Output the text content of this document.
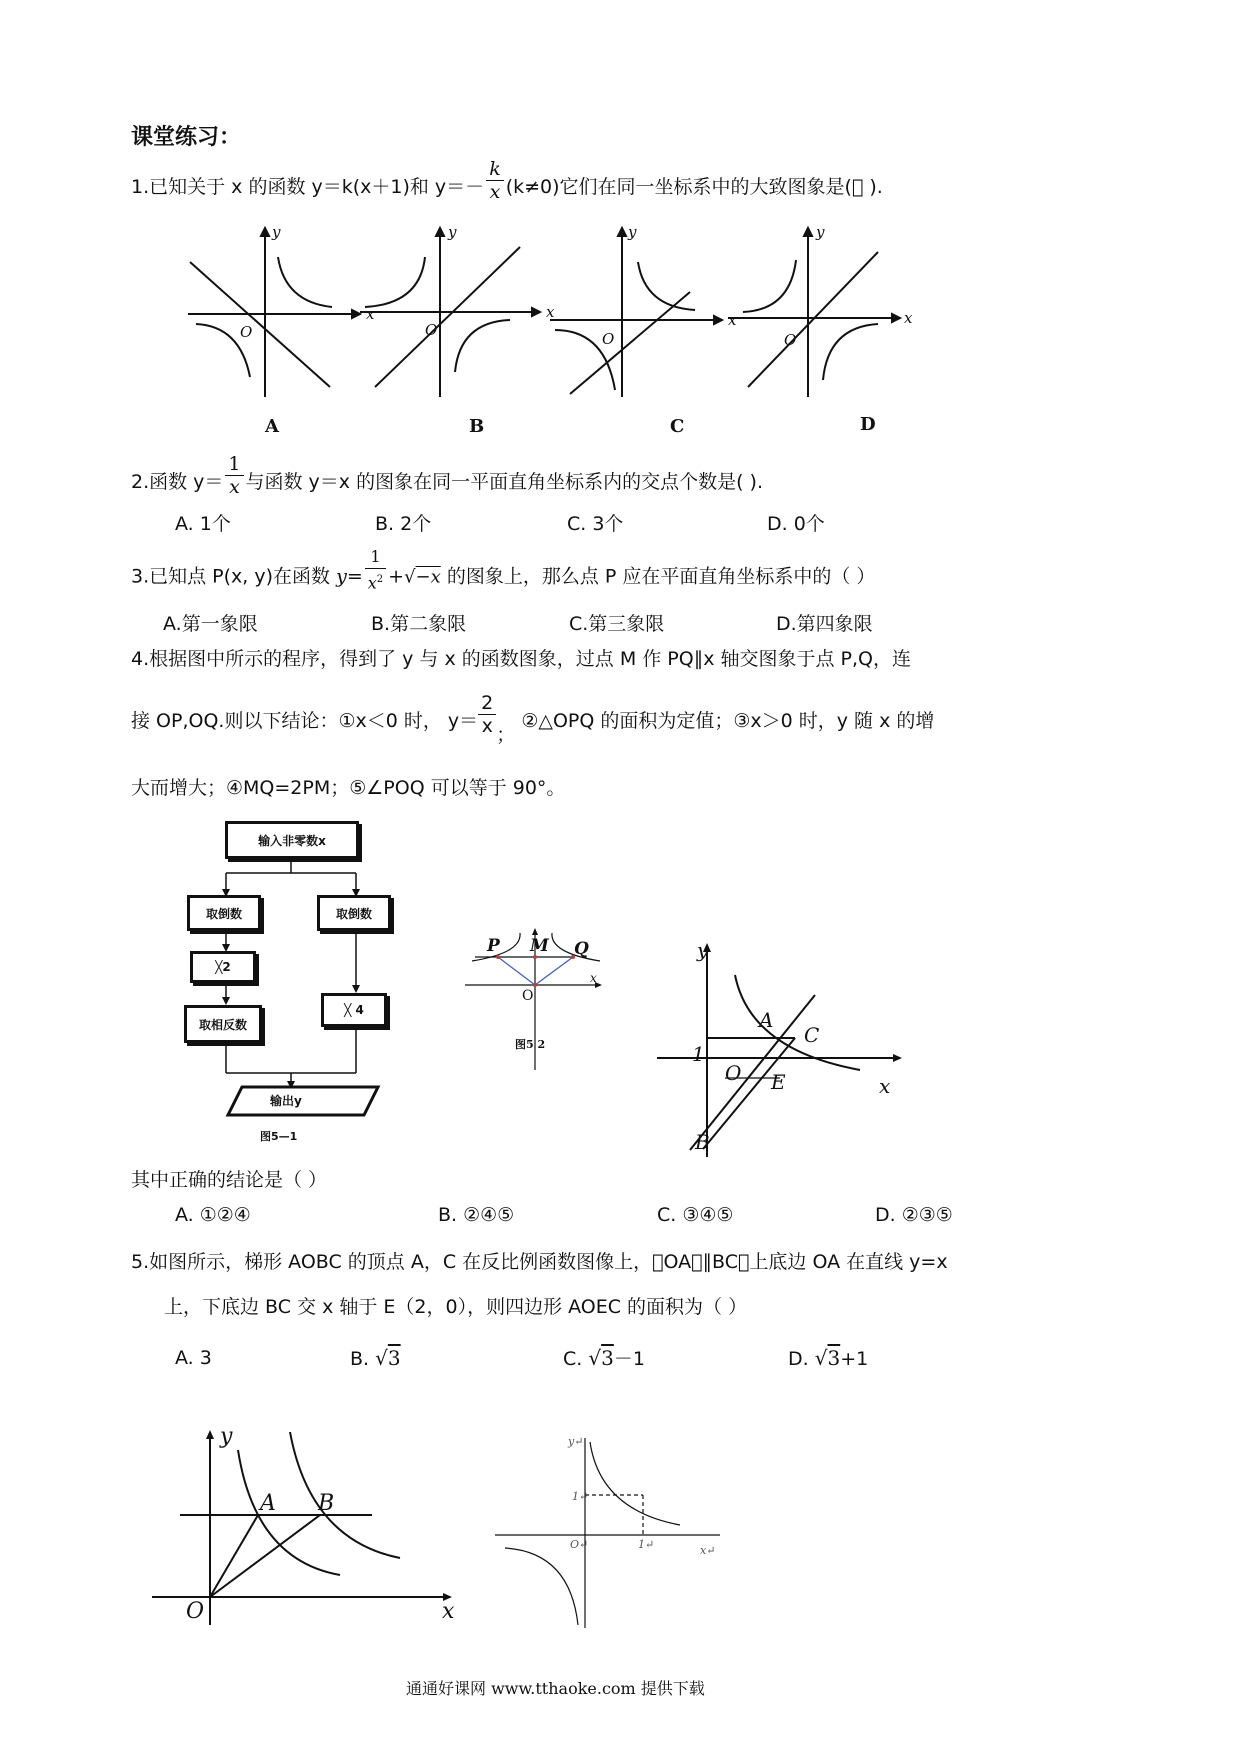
课堂练习：
1.已知关于 x 的函数 y＝k(x＋1)和 $y=- \frac{k}{x} (k\ne 0)$它们在同一坐标系中的大致图象是(  ).
y
x
O
y
x
O
y
x
O
y
x
O
A	B	C	D
2.函数 $y= \frac{1}{x}$ 与函数 y＝x 的图象在同一平面直角坐标系内的交点个数是( ).
A. 1个	B. 2个	C. 3个	D. 0个
3.已知点 P(x, y)在函数 $y= \frac{1}{x^2} +√-x$ 的图象上，那么点 P 应在平面直角坐标系中的（ ）
A.第一象限	B.第二象限	C.第三象限	D.第四象限
4.根据图中所示的程序，得到了 y 与 x 的函数图象，过点 M 作 PQ∥x 轴交图象于点 P,Q，连
接 OP,OQ.则以下结论：①x＜0 时， $y= \frac{2}{x}$ ； ②△OPQ 的面积为定值；③x＞0 时，y 随 x 的增
大而增大；④MQ=2PM；⑤∠POQ 可以等于 90°。
输入非零数x
取倒数	取倒数
╳2
╳ 4
取相反数
输出y
图5—1
P M Q
O
x
图5 2
y
x
A
C
1
O E
B
其中正确的结论是（ ）
A. ①②④	B. ②④⑤	C. ③④⑤	D. ②③⑤
5.如图所示，梯形 AOBC 的顶点 A，C 在反比例函数图像上， OA ∥BC，上底边 OA 在直线 y=x
上，下底边 BC 交 x 轴于 E（2，0），则四边形 AOEC 的面积为（ ）
A. 3	B. √3	C. √3－1	D. √3+1
y
x
O
A B
y↵
1↵
O↵	1↵	x↵
通通好课网 www.tthaoke.com 提供下载
